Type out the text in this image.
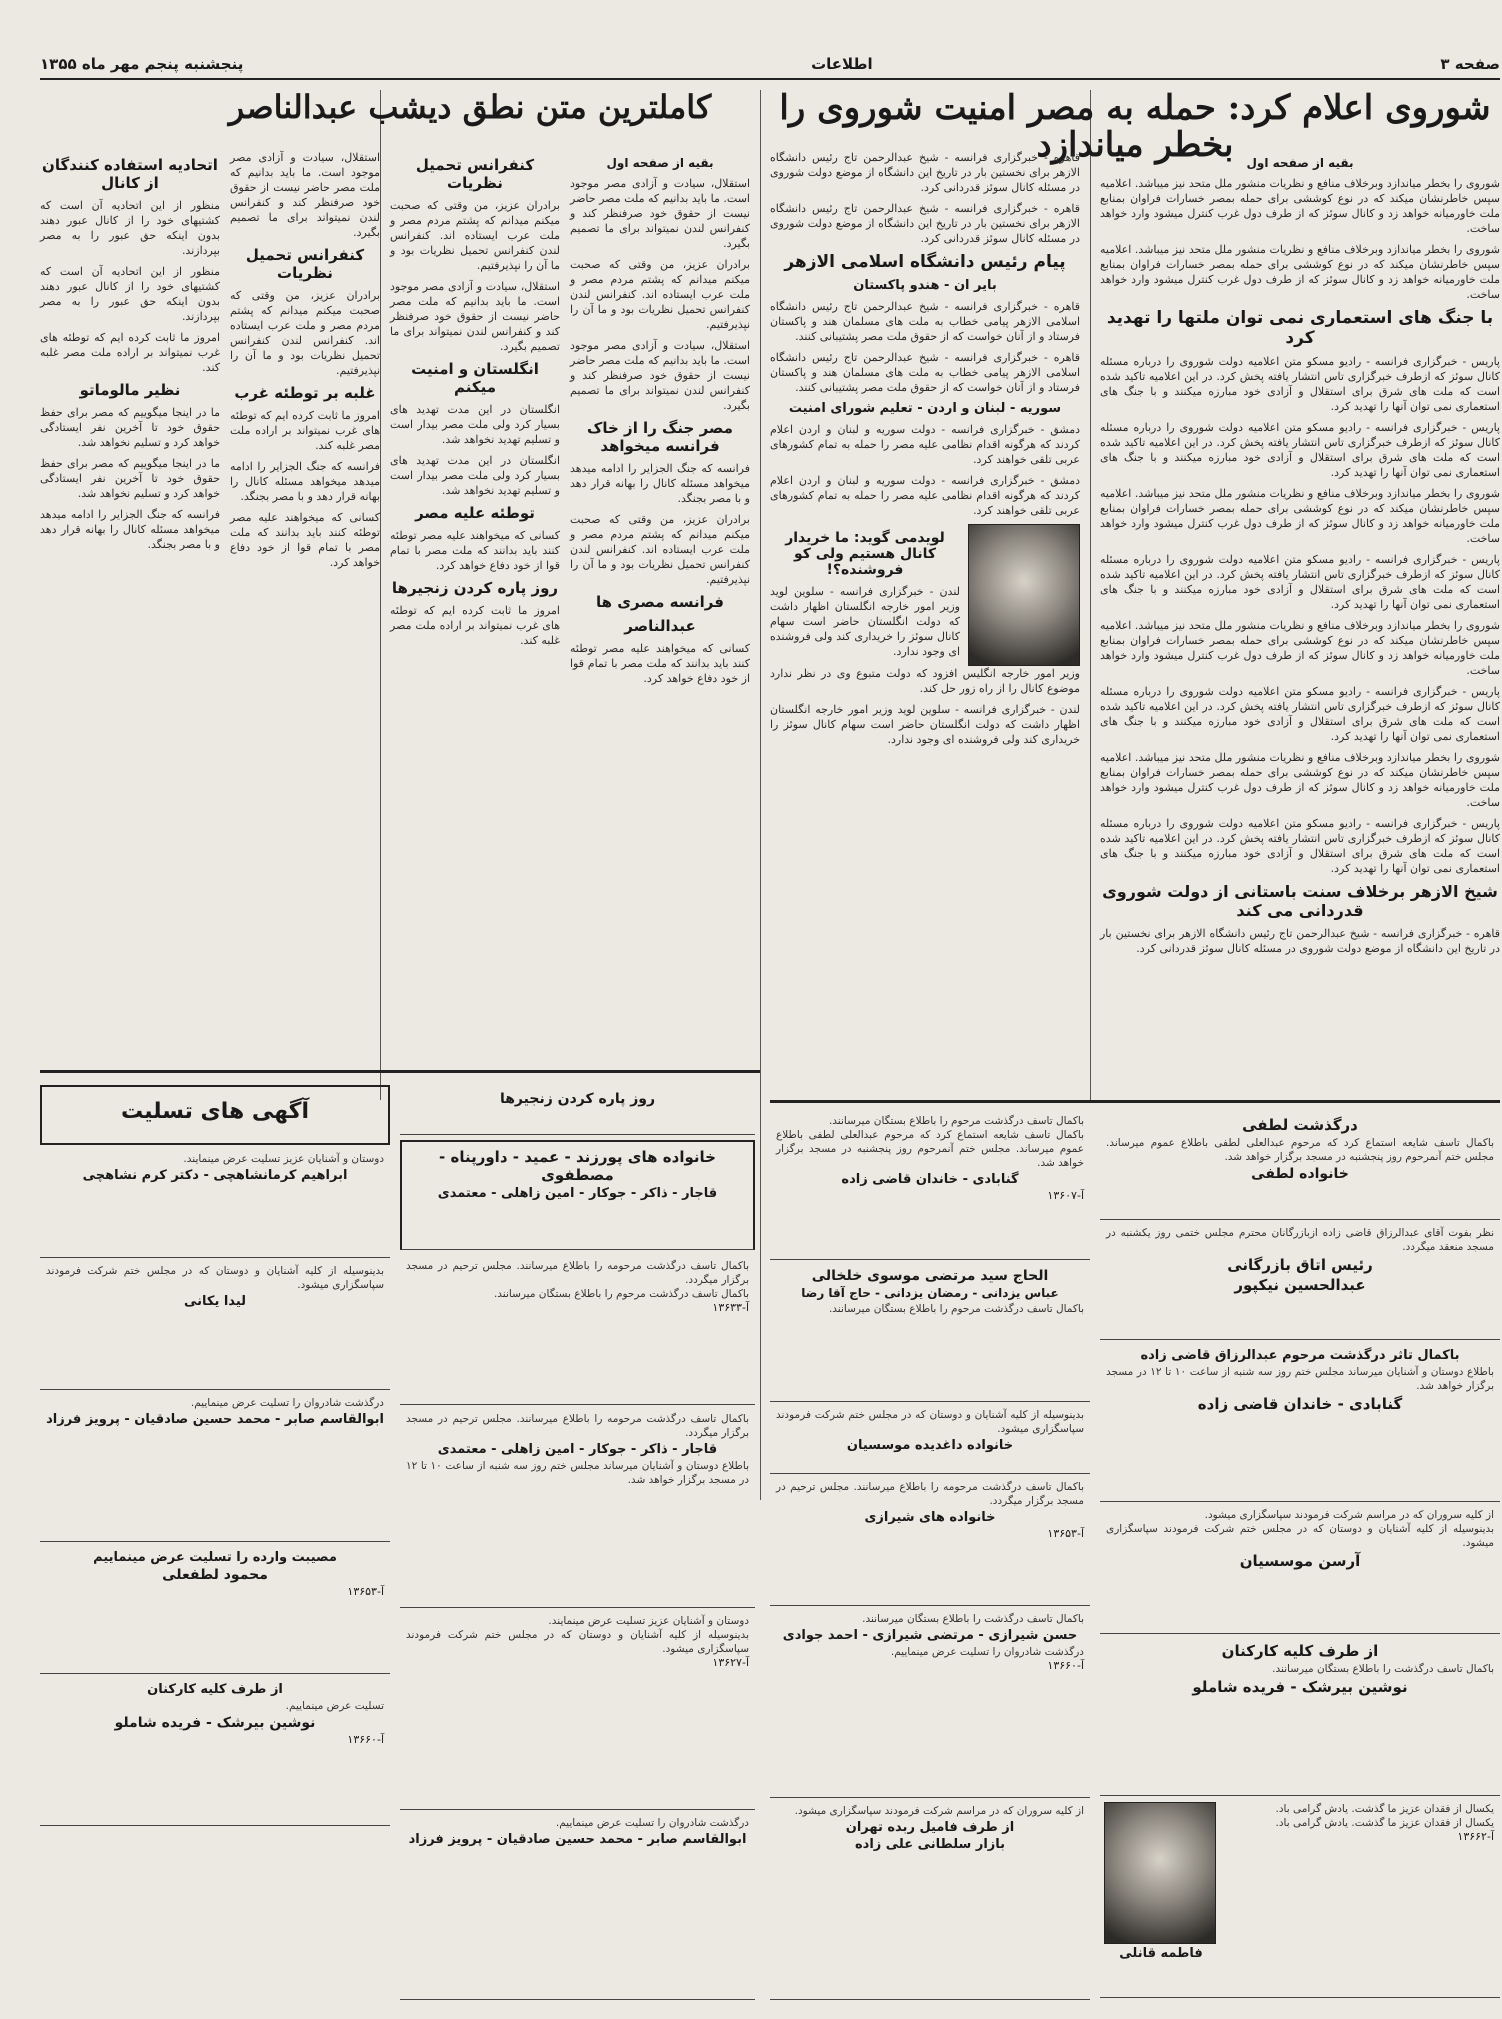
صفحه ۳
اطلاعات
پنجشنبه پنجم مهر ماه ۱۳۵۵
شوروی اعلام کرد: حمله به مصر امنیت شوروی را بخطر میاندازد	بقیه از صفحه اول

شوروی را بخطر میاندازد وبرخلاف منافع و نظریات منشور ملل متحد نیز میباشد. اعلامیه سپس خاطرنشان میکند که در نوع کوششی برای حمله بمصر خسارات فراوان بمنابع ملت خاورمیانه خواهد زد و کانال سوئز که از طرف دول غرب کنترل میشود وارد خواهد ساخت.

شوروی را بخطر میاندازد وبرخلاف منافع و نظریات منشور ملل متحد نیز میباشد. اعلامیه سپس خاطرنشان میکند که در نوع کوششی برای حمله بمصر خسارات فراوان بمنابع ملت خاورمیانه خواهد زد و کانال سوئز که از طرف دول غرب کنترل میشود وارد خواهد ساخت.

با جنگ های استعماری نمی توان ملتها را تهدید کرد

پاریس - خبرگزاری فرانسه - رادیو مسکو متن اعلامیه دولت شوروی را درباره مسئله کانال سوئز که ازطرف خبرگزاری تاس انتشار یافته پخش کرد. در این اعلامیه تاکید شده است که ملت های شرق برای استقلال و آزادی خود مبارزه میکنند و با جنگ های استعماری نمی توان آنها را تهدید کرد.

پاریس - خبرگزاری فرانسه - رادیو مسکو متن اعلامیه دولت شوروی را درباره مسئله کانال سوئز که ازطرف خبرگزاری تاس انتشار یافته پخش کرد. در این اعلامیه تاکید شده است که ملت های شرق برای استقلال و آزادی خود مبارزه میکنند و با جنگ های استعماری نمی توان آنها را تهدید کرد.

شوروی را بخطر میاندازد وبرخلاف منافع و نظریات منشور ملل متحد نیز میباشد. اعلامیه سپس خاطرنشان میکند که در نوع کوششی برای حمله بمصر خسارات فراوان بمنابع ملت خاورمیانه خواهد زد و کانال سوئز که از طرف دول غرب کنترل میشود وارد خواهد ساخت.

پاریس - خبرگزاری فرانسه - رادیو مسکو متن اعلامیه دولت شوروی را درباره مسئله کانال سوئز که ازطرف خبرگزاری تاس انتشار یافته پخش کرد. در این اعلامیه تاکید شده است که ملت های شرق برای استقلال و آزادی خود مبارزه میکنند و با جنگ های استعماری نمی توان آنها را تهدید کرد.

شوروی را بخطر میاندازد وبرخلاف منافع و نظریات منشور ملل متحد نیز میباشد. اعلامیه سپس خاطرنشان میکند که در نوع کوششی برای حمله بمصر خسارات فراوان بمنابع ملت خاورمیانه خواهد زد و کانال سوئز که از طرف دول غرب کنترل میشود وارد خواهد ساخت.

پاریس - خبرگزاری فرانسه - رادیو مسکو متن اعلامیه دولت شوروی را درباره مسئله کانال سوئز که ازطرف خبرگزاری تاس انتشار یافته پخش کرد. در این اعلامیه تاکید شده است که ملت های شرق برای استقلال و آزادی خود مبارزه میکنند و با جنگ های استعماری نمی توان آنها را تهدید کرد.

شوروی را بخطر میاندازد وبرخلاف منافع و نظریات منشور ملل متحد نیز میباشد. اعلامیه سپس خاطرنشان میکند که در نوع کوششی برای حمله بمصر خسارات فراوان بمنابع ملت خاورمیانه خواهد زد و کانال سوئز که از طرف دول غرب کنترل میشود وارد خواهد ساخت.

پاریس - خبرگزاری فرانسه - رادیو مسکو متن اعلامیه دولت شوروی را درباره مسئله کانال سوئز که ازطرف خبرگزاری تاس انتشار یافته پخش کرد. در این اعلامیه تاکید شده است که ملت های شرق برای استقلال و آزادی خود مبارزه میکنند و با جنگ های استعماری نمی توان آنها را تهدید کرد.

شیخ الازهر برخلاف سنت باستانی از دولت شوروی قدردانی می کند

قاهره - خبرگزاری فرانسه - شیخ عبدالرحمن تاج رئیس دانشگاه الازهر برای نخستین بار در تاریخ این دانشگاه از موضع دولت شوروی در مسئله کانال سوئز قدردانی کرد.

قاهره - خبرگزاری فرانسه - شیخ عبدالرحمن تاج رئیس دانشگاه الازهر برای نخستین بار در تاریخ این دانشگاه از موضع دولت شوروی در مسئله کانال سوئز قدردانی کرد.

قاهره - خبرگزاری فرانسه - شیخ عبدالرحمن تاج رئیس دانشگاه الازهر برای نخستین بار در تاریخ این دانشگاه از موضع دولت شوروی در مسئله کانال سوئز قدردانی کرد.

پیام رئیس دانشگاه اسلامی الازهر
بایر ان - هندو پاکستان

قاهره - خبرگزاری فرانسه - شیخ عبدالرحمن تاج رئیس دانشگاه اسلامی الازهر پیامی خطاب به ملت های مسلمان هند و پاکستان فرستاد و از آنان خواست که از حقوق ملت مصر پشتیبانی کنند.

قاهره - خبرگزاری فرانسه - شیخ عبدالرحمن تاج رئیس دانشگاه اسلامی الازهر پیامی خطاب به ملت های مسلمان هند و پاکستان فرستاد و از آنان خواست که از حقوق ملت مصر پشتیبانی کنند.

سوریه - لبنان و اردن - تعلیم شورای امنیت

دمشق - خبرگزاری فرانسه - دولت سوریه و لبنان و اردن اعلام کردند که هرگونه اقدام نظامی علیه مصر را حمله به تمام کشورهای عربی تلقی خواهند کرد.

دمشق - خبرگزاری فرانسه - دولت سوریه و لبنان و اردن اعلام کردند که هرگونه اقدام نظامی علیه مصر را حمله به تمام کشورهای عربی تلقی خواهند کرد.

لویدمی گوید: ما خریدار کانال هستیم ولی کو فروشنده؟!

لندن - خبرگزاری فرانسه - سلوین لوید وزیر امور خارجه انگلستان اظهار داشت که دولت انگلستان حاضر است سهام کانال سوئز را خریداری کند ولی فروشنده ای وجود ندارد.

وزیر امور خارجه انگلیس افزود که دولت متبوع وی در نظر ندارد موضوع کانال را از راه زور حل کند.

لندن - خبرگزاری فرانسه - سلوین لوید وزیر امور خارجه انگلستان اظهار داشت که دولت انگلستان حاضر است سهام کانال سوئز را خریداری کند ولی فروشنده ای وجود ندارد.

کاملترین متن نطق دیشب عبدالناصر
بقیه از صفحه اول

استقلال، سیادت و آزادی مصر موجود است. ما باید بدانیم که ملت مصر حاضر نیست از حقوق خود صرفنظر کند و کنفرانس لندن نمیتواند برای ما تصمیم بگیرد.

برادران عزیز، من وقتی که صحبت میکنم میدانم که پشتم مردم مصر و ملت عرب ایستاده اند. کنفرانس لندن کنفرانس تحمیل نظریات بود و ما آن را نپذیرفتیم.

استقلال، سیادت و آزادی مصر موجود است. ما باید بدانیم که ملت مصر حاضر نیست از حقوق خود صرفنظر کند و کنفرانس لندن نمیتواند برای ما تصمیم بگیرد.

مصر جنگ را از خاک فرانسه میخواهد

فرانسه که جنگ الجزایر را ادامه میدهد میخواهد مسئله کانال را بهانه قرار دهد و با مصر بجنگد.

برادران عزیز، من وقتی که صحبت میکنم میدانم که پشتم مردم مصر و ملت عرب ایستاده اند. کنفرانس لندن کنفرانس تحمیل نظریات بود و ما آن را نپذیرفتیم.

فرانسه مصری ها
عبدالناصر

کسانی که میخواهند علیه مصر توطئه کنند باید بدانند که ملت مصر با تمام قوا از خود دفاع خواهد کرد.

کنفرانس تحمیل نظریات

برادران عزیز، من وقتی که صحبت میکنم میدانم که پشتم مردم مصر و ملت عرب ایستاده اند. کنفرانس لندن کنفرانس تحمیل نظریات بود و ما آن را نپذیرفتیم.

استقلال، سیادت و آزادی مصر موجود است. ما باید بدانیم که ملت مصر حاضر نیست از حقوق خود صرفنظر کند و کنفرانس لندن نمیتواند برای ما تصمیم بگیرد.

انگلستان و امنیت میکنم

انگلستان در این مدت تهدید های بسیار کرد ولی ملت مصر بیدار است و تسلیم تهدید نخواهد شد.

انگلستان در این مدت تهدید های بسیار کرد ولی ملت مصر بیدار است و تسلیم تهدید نخواهد شد.

توطئه علیه مصر

کسانی که میخواهند علیه مصر توطئه کنند باید بدانند که ملت مصر با تمام قوا از خود دفاع خواهد کرد.

روز پاره کردن زنجیرها

امروز ما ثابت کرده ایم که توطئه های غرب نمیتواند بر اراده ملت مصر غلبه کند.

استقلال، سیادت و آزادی مصر موجود است. ما باید بدانیم که ملت مصر حاضر نیست از حقوق خود صرفنظر کند و کنفرانس لندن نمیتواند برای ما تصمیم بگیرد.

کنفرانس تحمیل نظریات

برادران عزیز، من وقتی که صحبت میکنم میدانم که پشتم مردم مصر و ملت عرب ایستاده اند. کنفرانس لندن کنفرانس تحمیل نظریات بود و ما آن را نپذیرفتیم.

غلبه بر توطئه غرب

امروز ما ثابت کرده ایم که توطئه های غرب نمیتواند بر اراده ملت مصر غلبه کند.

فرانسه که جنگ الجزایر را ادامه میدهد میخواهد مسئله کانال را بهانه قرار دهد و با مصر بجنگد.

کسانی که میخواهند علیه مصر توطئه کنند باید بدانند که ملت مصر با تمام قوا از خود دفاع خواهد کرد.

اتحادیه استفاده کنندگان از کانال

منظور از این اتحادیه آن است که کشتیهای خود را از کانال عبور دهند بدون اینکه حق عبور را به مصر بپردازند.

منظور از این اتحادیه آن است که کشتیهای خود را از کانال عبور دهند بدون اینکه حق عبور را به مصر بپردازند.

امروز ما ثابت کرده ایم که توطئه های غرب نمیتواند بر اراده ملت مصر غلبه کند.

نظیر مالوماتو

ما در اینجا میگوییم که مصر برای حفظ حقوق خود تا آخرین نفر ایستادگی خواهد کرد و تسلیم نخواهد شد.

ما در اینجا میگوییم که مصر برای حفظ حقوق خود تا آخرین نفر ایستادگی خواهد کرد و تسلیم نخواهد شد.

فرانسه که جنگ الجزایر را ادامه میدهد میخواهد مسئله کانال را بهانه قرار دهد و با مصر بجنگد.

درگذشت لطفی

باکمال تاسف شایعه استماع کرد که مرحوم عبدالعلی لطفی باطلاع عموم میرساند. مجلس ختم آنمرحوم روز پنجشنبه در مسجد برگزار خواهد شد.

خانواده لطفی

نظر بفوت آقای عبدالرزاق قاضی زاده ازبازرگانان محترم مجلس ختمی روز یکشنبه در مسجد منعقد میگردد.

رئیس اتاق بازرگانی
عبدالحسین نیکپور
باکمال تاثر درگذشت مرحوم عبدالرزاق قاضی زاده

باطلاع دوستان و آشنایان میرساند مجلس ختم روز سه شنبه از ساعت ۱۰ تا ۱۲ در مسجد برگزار خواهد شد.

گنابادی - خاندان قاضی زاده

از کلیه سروران که در مراسم شرکت فرمودند سپاسگزاری میشود.

بدینوسیله از کلیه آشنایان و دوستان که در مجلس ختم شرکت فرمودند سپاسگزاری میشود.

آرسن موسسیان
از طرف کلیه کارکنان

باکمال تاسف درگذشت را باطلاع بستگان میرسانند.

نوشین بیرشک - فریده شاملو

یکسال از فقدان عزیز ما گذشت. یادش گرامی باد.

یکسال از فقدان عزیز ما گذشت. یادش گرامی باد.

آ-۱۳۶۶۲
فاطمه قانلی

باکمال تاسف درگذشت مرحوم را باطلاع بستگان میرسانند.

باکمال تاسف شایعه استماع کرد که مرحوم عبدالعلی لطفی باطلاع عموم میرساند. مجلس ختم آنمرحوم روز پنجشنبه در مسجد برگزار خواهد شد.

گنابادی - خاندان قاضی زاده
آ-۱۳۶۰۷
الحاج سید مرتضی موسوی خلخالی
عباس یزدانی - رمضان یزدانی - حاج آقا رضا

باکمال تاسف درگذشت مرحوم را باطلاع بستگان میرسانند.

بدینوسیله از کلیه آشنایان و دوستان که در مجلس ختم شرکت فرمودند سپاسگزاری میشود.

خانواده داغدیده موسسیان

باکمال تاسف درگذشت مرحومه را باطلاع میرسانند. مجلس ترحیم در مسجد برگزار میگردد.

خانواده های شیرازی
آ-۱۳۶۵۳

باکمال تاسف درگذشت را باطلاع بستگان میرسانند.

حسن شیرازی - مرتضی شیرازی - احمد جوادی

درگذشت شادروان را تسلیت عرض مینماییم.

آ-۱۳۶۶۰

از کلیه سروران که در مراسم شرکت فرمودند سپاسگزاری میشود.

از طرف فامیل ربده تهران
بازار سلطانی علی زاده
روز پاره کردن زنجیرها
خانواده های پورزند - عمید - داورپناه - مصطفوی
قاجار - ذاکر - جوکار - امین زاهلی - معتمدی

باکمال تاسف درگذشت مرحومه را باطلاع میرسانند. مجلس ترحیم در مسجد برگزار میگردد.

باکمال تاسف درگذشت مرحوم را باطلاع بستگان میرسانند.

آ-۱۳۶۳۳

باکمال تاسف درگذشت مرحومه را باطلاع میرسانند. مجلس ترحیم در مسجد برگزار میگردد.

قاجار - ذاکر - جوکار - امین زاهلی - معتمدی

باطلاع دوستان و آشنایان میرساند مجلس ختم روز سه شنبه از ساعت ۱۰ تا ۱۲ در مسجد برگزار خواهد شد.

دوستان و آشنایان عزیز تسلیت عرض مینمایند.

بدینوسیله از کلیه آشنایان و دوستان که در مجلس ختم شرکت فرمودند سپاسگزاری میشود.

آ-۱۳۶۲۷

درگذشت شادروان را تسلیت عرض مینماییم.

ابوالقاسم صابر - محمد حسین صادقیان - پرویز فرزاد
آگهی های تسلیت

دوستان و آشنایان عزیز تسلیت عرض مینمایند.

ابراهیم کرمانشاهچی - دکتر کرم نشاهچی

بدینوسیله از کلیه آشنایان و دوستان که در مجلس ختم شرکت فرمودند سپاسگزاری میشود.

لیدا یکانی

درگذشت شادروان را تسلیت عرض مینماییم.

ابوالقاسم صابر - محمد حسین صادقیان - پرویز فرزاد
مصیبت وارده را تسلیت عرض مینماییم
محمود لطفعلی
آ-۱۳۶۵۳
از طرف کلیه کارکنان

تسلیت عرض مینماییم.

نوشین بیرشک - فریده شاملو
آ-۱۳۶۶۰
